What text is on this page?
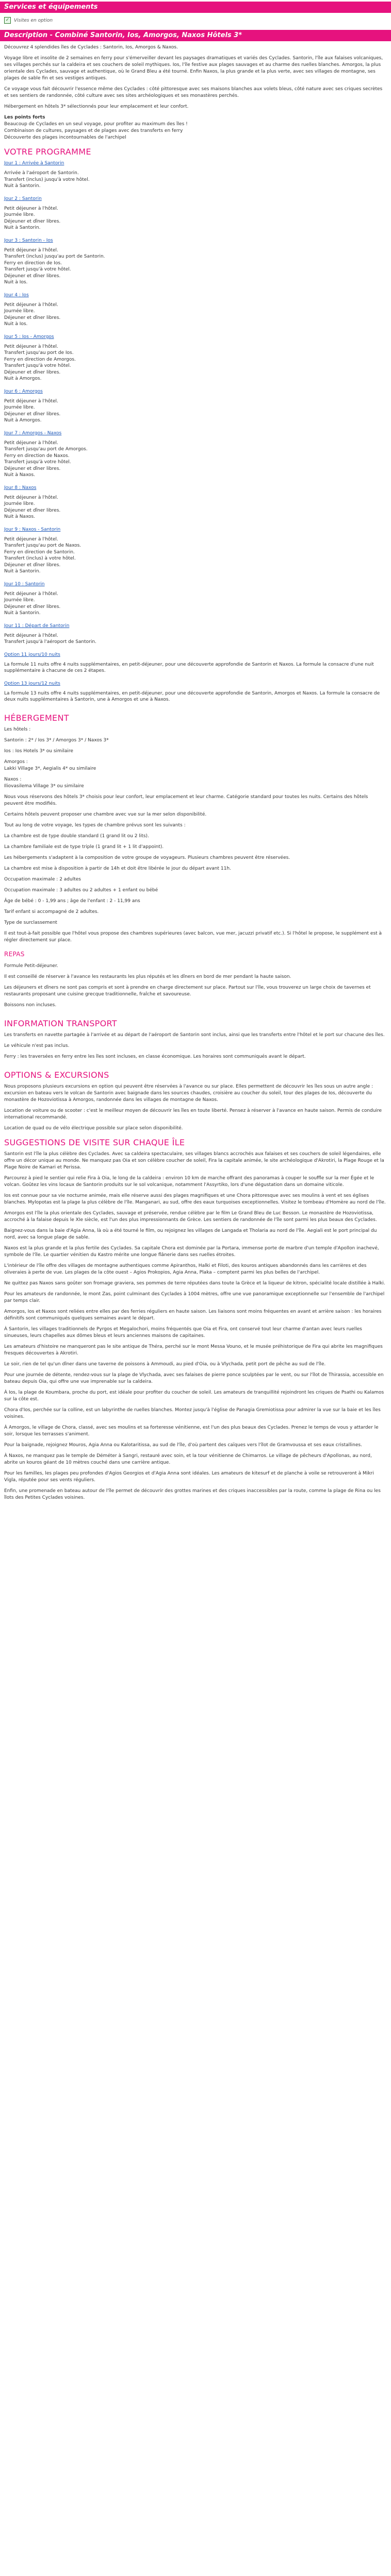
Services et équipements
✓ Visites en option
Description - Combiné Santorin, Ios, Amorgos, Naxos Hôtels 3*

Découvrez 4 splendides îles de Cyclades : Santorin, Ios, Amorgos & Naxos.

Voyage libre et insolite de 2 semaines en ferry pour s'émerveiller devant les paysages dramatiques et variés des Cyclades. Santorin, l'île aux falaises volcaniques, ses villages perchés sur la caldeira et ses couchers de soleil mythiques. Ios, l'île festive aux plages sauvages et au charme des ruelles blanches. Amorgos, la plus orientale des Cyclades, sauvage et authentique, où le Grand Bleu a été tourné. Enfin Naxos, la plus grande et la plus verte, avec ses villages de montagne, ses plages de sable fin et ses vestiges antiques.

Ce voyage vous fait découvrir l'essence même des Cyclades : côté pittoresque avec ses maisons blanches aux volets bleus, côté nature avec ses criques secrètes et ses sentiers de randonnée, côté culture avec ses sites archéologiques et ses monastères perchés.

Hébergement en hôtels 3* sélectionnés pour leur emplacement et leur confort.

Les points forts
Beaucoup de Cyclades en un seul voyage, pour profiter au maximum des îles !
Combinaison de cultures, paysages et de plages avec des transferts en ferry
Découverte des plages incontournables de l'archipel
VOTRE PROGRAMME
Jour 1 : Arrivée à Santorin
Arrivée à l'aéroport de Santorin.
Transfert (inclus) jusqu'à votre hôtel.
Nuit à Santorin.
Jour 2 : Santorin
Petit déjeuner à l'hôtel.
Journée libre.
Déjeuner et dîner libres.
Nuit à Santorin.
Jour 3 : Santorin - Ios
Petit déjeuner à l'hôtel.
Transfert (inclus) jusqu'au port de Santorin.
Ferry en direction de Ios.
Transfert jusqu'à votre hôtel.
Déjeuner et dîner libres.
Nuit à Ios.
Jour 4 : Ios
Petit déjeuner à l'hôtel.
Journée libre.
Déjeuner et dîner libres.
Nuit à Ios.
Jour 5 : Ios - Amorgos
Petit déjeuner à l'hôtel.
Transfert jusqu'au port de Ios.
Ferry en direction de Amorgos.
Transfert jusqu'à votre hôtel.
Déjeuner et dîner libres.
Nuit à Amorgos.
Jour 6 : Amorgos
Petit déjeuner à l'hôtel.
Journée libre.
Déjeuner et dîner libres.
Nuit à Amorgos.
Jour 7 : Amorgos - Naxos
Petit déjeuner à l'hôtel.
Transfert jusqu'au port de Amorgos.
Ferry en direction de Naxos.
Transfert jusqu'à votre hôtel.
Déjeuner et dîner libres.
Nuit à Naxos.
Jour 8 : Naxos
Petit déjeuner à l'hôtel.
Journée libre.
Déjeuner et dîner libres.
Nuit à Naxos.
Jour 9 : Naxos - Santorin
Petit déjeuner à l'hôtel.
Transfert jusqu'au port de Naxos.
Ferry en direction de Santorin.
Transfert (inclus) à votre hôtel.
Déjeuner et dîner libres.
Nuit à Santorin.
Jour 10 : Santorin
Petit déjeuner à l'hôtel.
Journée libre.
Déjeuner et dîner libres.
Nuit à Santorin.
Jour 11 : Départ de Santorin
Petit déjeuner à l'hôtel.
Transfert jusqu'à l'aéroport de Santorin.
Option 11 jours/10 nuits
La formule 11 nuits offre 4 nuits supplémentaires, en petit-déjeuner, pour une découverte approfondie de Santorin et Naxos. La formule la consacre d'une nuit supplémentaire à chacune de ces 2 étapes.
Option 13 jours/12 nuits
La formule 13 nuits offre 4 nuits supplémentaires, en petit-déjeuner, pour une découverte approfondie de Santorin, Amorgos et Naxos. La formule la consacre de deux nuits supplémentaires à Santorin, une à Amorgos et une à Naxos.
HÉBERGEMENT

Les hôtels :

Santorin : 2* / Ios 3* / Amorgos 3* / Naxos 3*

Ios : Ios Hotels 3* ou similaire

Amorgos :
Lakki Village 3*, Aegialis 4* ou similaire

Naxos :
Iliovasilema Village 3* ou similaire

Nous vous réservons des hôtels 3* choisis pour leur confort, leur emplacement et leur charme. Catégorie standard pour toutes les nuits. Certains des hôtels peuvent être modifiés.

Certains hôtels peuvent proposer une chambre avec vue sur la mer selon disponibilité.

Tout au long de votre voyage, les types de chambre prévus sont les suivants :

La chambre est de type double standard (1 grand lit ou 2 lits).

La chambre familiale est de type triple (1 grand lit + 1 lit d'appoint).

Les hébergements s'adaptent à la composition de votre groupe de voyageurs. Plusieurs chambres peuvent être réservées.

La chambre est mise à disposition à partir de 14h et doit être libérée le jour du départ avant 11h.

Occupation maximale : 2 adultes

Occupation maximale : 3 adultes ou 2 adultes + 1 enfant ou bébé

Âge de bébé : 0 - 1,99 ans ; âge de l'enfant : 2 - 11,99 ans

Tarif enfant si accompagné de 2 adultes.

Type de surclassement

Il est tout-à-fait possible que l'hôtel vous propose des chambres supérieures (avec balcon, vue mer, jacuzzi privatif etc.). Si l'hôtel le propose, le supplément est à régler directement sur place.

REPAS

Formule Petit-déjeuner.

Il est conseillé de réserver à l'avance les restaurants les plus réputés et les dîners en bord de mer pendant la haute saison.

Les déjeuners et dîners ne sont pas compris et sont à prendre en charge directement sur place. Partout sur l'île, vous trouverez un large choix de tavernes et restaurants proposant une cuisine grecque traditionnelle, fraîche et savoureuse.

Boissons non incluses.

INFORMATION TRANSPORT

Les transferts en navette partagée à l'arrivée et au départ de l'aéroport de Santorin sont inclus, ainsi que les transferts entre l'hôtel et le port sur chacune des îles.

Le véhicule n'est pas inclus.

Ferry : les traversées en ferry entre les îles sont incluses, en classe économique. Les horaires sont communiqués avant le départ.

OPTIONS & EXCURSIONS

Nous proposons plusieurs excursions en option qui peuvent être réservées à l'avance ou sur place. Elles permettent de découvrir les îles sous un autre angle : excursion en bateau vers le volcan de Santorin avec baignade dans les sources chaudes, croisière au coucher du soleil, tour des plages de Ios, découverte du monastère de Hozoviotissa à Amorgos, randonnée dans les villages de montagne de Naxos.

Location de voiture ou de scooter : c'est le meilleur moyen de découvrir les îles en toute liberté. Pensez à réserver à l'avance en haute saison. Permis de conduire international recommandé.

Location de quad ou de vélo électrique possible sur place selon disponibilité.

SUGGESTIONS DE VISITE SUR CHAQUE ÎLE

Santorin est l'île la plus célèbre des Cyclades. Avec sa caldeira spectaculaire, ses villages blancs accrochés aux falaises et ses couchers de soleil légendaires, elle offre un décor unique au monde. Ne manquez pas Oia et son célèbre coucher de soleil, Fira la capitale animée, le site archéologique d'Akrotiri, la Plage Rouge et la Plage Noire de Kamari et Perissa.

Parcourez à pied le sentier qui relie Fira à Oia, le long de la caldeira : environ 10 km de marche offrant des panoramas à couper le souffle sur la mer Égée et le volcan. Goûtez les vins locaux de Santorin produits sur le sol volcanique, notamment l'Assyrtiko, lors d'une dégustation dans un domaine viticole.

Ios est connue pour sa vie nocturne animée, mais elle réserve aussi des plages magnifiques et une Chora pittoresque avec ses moulins à vent et ses églises blanches. Mylopotas est la plage la plus célèbre de l'île. Manganari, au sud, offre des eaux turquoises exceptionnelles. Visitez le tombeau d'Homère au nord de l'île.

Amorgos est l'île la plus orientale des Cyclades, sauvage et préservée, rendue célèbre par le film Le Grand Bleu de Luc Besson. Le monastère de Hozoviotissa, accroché à la falaise depuis le XIe siècle, est l'un des plus impressionnants de Grèce. Les sentiers de randonnée de l'île sont parmi les plus beaux des Cyclades.

Baignez-vous dans la baie d'Agia Anna, là où a été tourné le film, ou rejoignez les villages de Langada et Tholaria au nord de l'île. Aegiali est le port principal du nord, avec sa longue plage de sable.

Naxos est la plus grande et la plus fertile des Cyclades. Sa capitale Chora est dominée par la Portara, immense porte de marbre d'un temple d'Apollon inachevé, symbole de l'île. Le quartier vénitien du Kastro mérite une longue flânerie dans ses ruelles étroites.

L'intérieur de l'île offre des villages de montagne authentiques comme Apiranthos, Halki et Filoti, des kouros antiques abandonnés dans les carrières et des oliveraies à perte de vue. Les plages de la côte ouest – Agios Prokopios, Agia Anna, Plaka – comptent parmi les plus belles de l'archipel.

Ne quittez pas Naxos sans goûter son fromage graviera, ses pommes de terre réputées dans toute la Grèce et la liqueur de kitron, spécialité locale distillée à Halki.

Pour les amateurs de randonnée, le mont Zas, point culminant des Cyclades à 1004 mètres, offre une vue panoramique exceptionnelle sur l'ensemble de l'archipel par temps clair.

Amorgos, Ios et Naxos sont reliées entre elles par des ferries réguliers en haute saison. Les liaisons sont moins fréquentes en avant et arrière saison : les horaires définitifs sont communiqués quelques semaines avant le départ.

À Santorin, les villages traditionnels de Pyrgos et Megalochori, moins fréquentés que Oia et Fira, ont conservé tout leur charme d'antan avec leurs ruelles sinueuses, leurs chapelles aux dômes bleus et leurs anciennes maisons de capitaines.

Les amateurs d'histoire ne manqueront pas le site antique de Théra, perché sur le mont Messa Vouno, et le musée préhistorique de Fira qui abrite les magnifiques fresques découvertes à Akrotiri.

Le soir, rien de tel qu'un dîner dans une taverne de poissons à Ammoudi, au pied d'Oia, ou à Vlychada, petit port de pêche au sud de l'île.

Pour une journée de détente, rendez-vous sur la plage de Vlychada, avec ses falaises de pierre ponce sculptées par le vent, ou sur l'îlot de Thirassia, accessible en bateau depuis Oia, qui offre une vue imprenable sur la caldeira.

À Ios, la plage de Koumbara, proche du port, est idéale pour profiter du coucher de soleil. Les amateurs de tranquillité rejoindront les criques de Psathi ou Kalamos sur la côte est.

Chora d'Ios, perchée sur la colline, est un labyrinthe de ruelles blanches. Montez jusqu'à l'église de Panagia Gremiotissa pour admirer la vue sur la baie et les îles voisines.

À Amorgos, le village de Chora, classé, avec ses moulins et sa forteresse vénitienne, est l'un des plus beaux des Cyclades. Prenez le temps de vous y attarder le soir, lorsque les terrasses s'animent.

Pour la baignade, rejoignez Mouros, Agia Anna ou Kalotaritissa, au sud de l'île, d'où partent des caïques vers l'îlot de Gramvoussa et ses eaux cristallines.

À Naxos, ne manquez pas le temple de Déméter à Sangri, restauré avec soin, et la tour vénitienne de Chimarros. Le village de pêcheurs d'Apollonas, au nord, abrite un kouros géant de 10 mètres couché dans une carrière antique.

Pour les familles, les plages peu profondes d'Agios Georgios et d'Agia Anna sont idéales. Les amateurs de kitesurf et de planche à voile se retrouveront à Mikri Vigla, réputée pour ses vents réguliers.

Enfin, une promenade en bateau autour de l'île permet de découvrir des grottes marines et des criques inaccessibles par la route, comme la plage de Rina ou les îlots des Petites Cyclades voisines.
